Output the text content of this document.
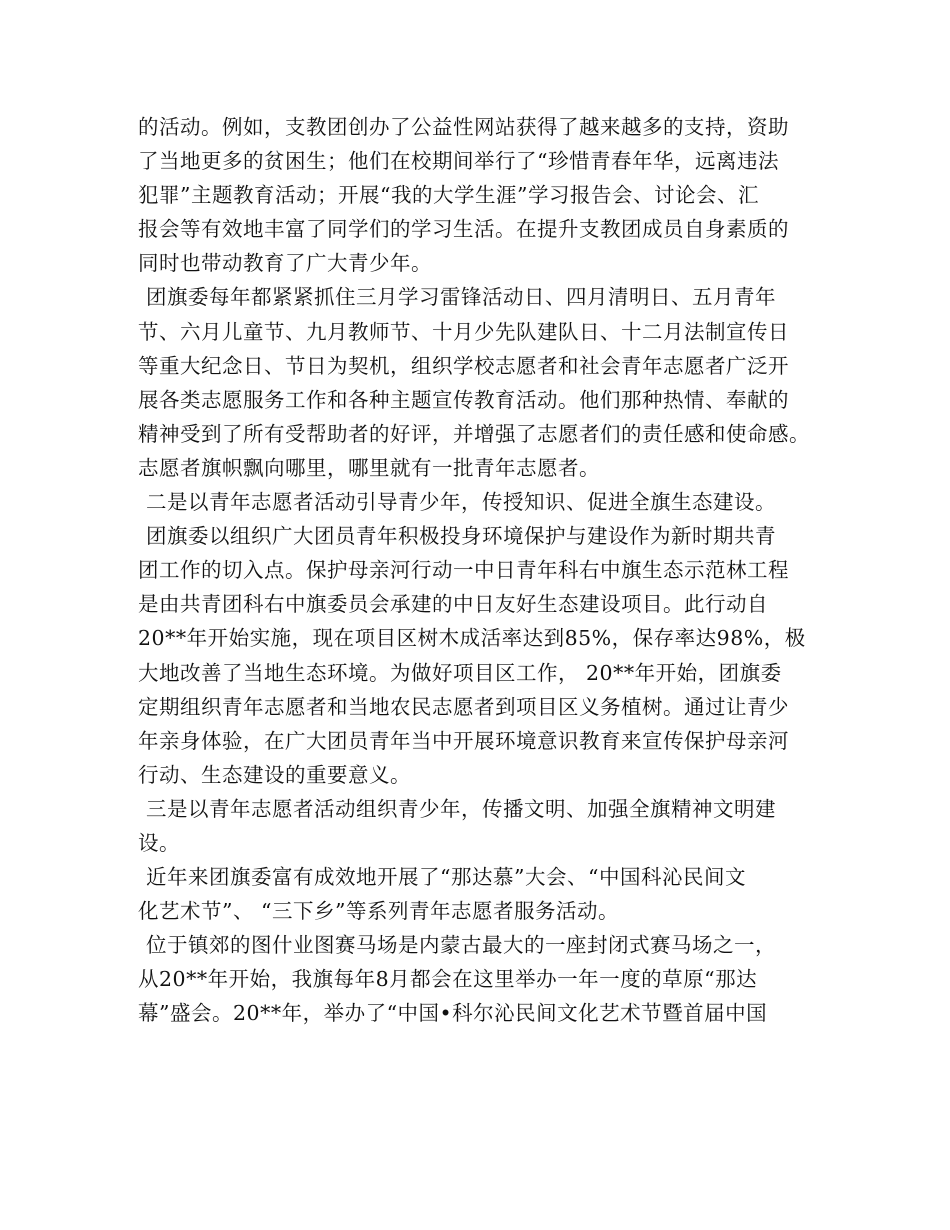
的活动。例如，支教团创办了公益性网站获得了越来越多的支持，资助
了当地更多的贫困生；他们在校期间举行了“珍惜青春年华，远离违法
犯罪”主题教育活动；开展“我的大学生涯”学习报告会、讨论会、汇
报会等有效地丰富了同学们的学习生活。在提升支教团成员自身素质的
同时也带动教育了广大青少年。
团旗委每年都紧紧抓住三月学习雷锋活动日、四月清明日、五月青年
节、六月儿童节、九月教师节、十月少先队建队日、十二月法制宣传日
等重大纪念日、节日为契机，组织学校志愿者和社会青年志愿者广泛开
展各类志愿服务工作和各种主题宣传教育活动。他们那种热情、奉献的
精神受到了所有受帮助者的好评，并增强了志愿者们的责任感和使命感。
志愿者旗帜飘向哪里，哪里就有一批青年志愿者。
二是以青年志愿者活动引导青少年，传授知识、促进全旗生态建设。
团旗委以组织广大团员青年积极投身环境保护与建设作为新时期共青
团工作的切入点。保护母亲河行动一中日青年科右中旗生态示范林工程
是由共青团科右中旗委员会承建的中日友好生态建设项目。此行动自
20**年开始实施，现在项目区树木成活率达到85%，保存率达98%，极
大地改善了当地生态环境。为做好项目区工作， 20**年开始，团旗委
定期组织青年志愿者和当地农民志愿者到项目区义务植树。通过让青少
年亲身体验，在广大团员青年当中开展环境意识教育来宣传保护母亲河
行动、生态建设的重要意义。
三是以青年志愿者活动组织青少年，传播文明、加强全旗精神文明建
设。
近年来团旗委富有成效地开展了“那达慕”大会、“中国科沁民间文
化艺术节”、 “三下乡”等系列青年志愿者服务活动。
位于镇郊的图什业图赛马场是内蒙古最大的一座封闭式赛马场之一，
从20**年开始，我旗每年8月都会在这里举办一年一度的草原“那达
幕”盛会。20**年，举办了“中国•科尔沁民间文化艺术节暨首届中国
